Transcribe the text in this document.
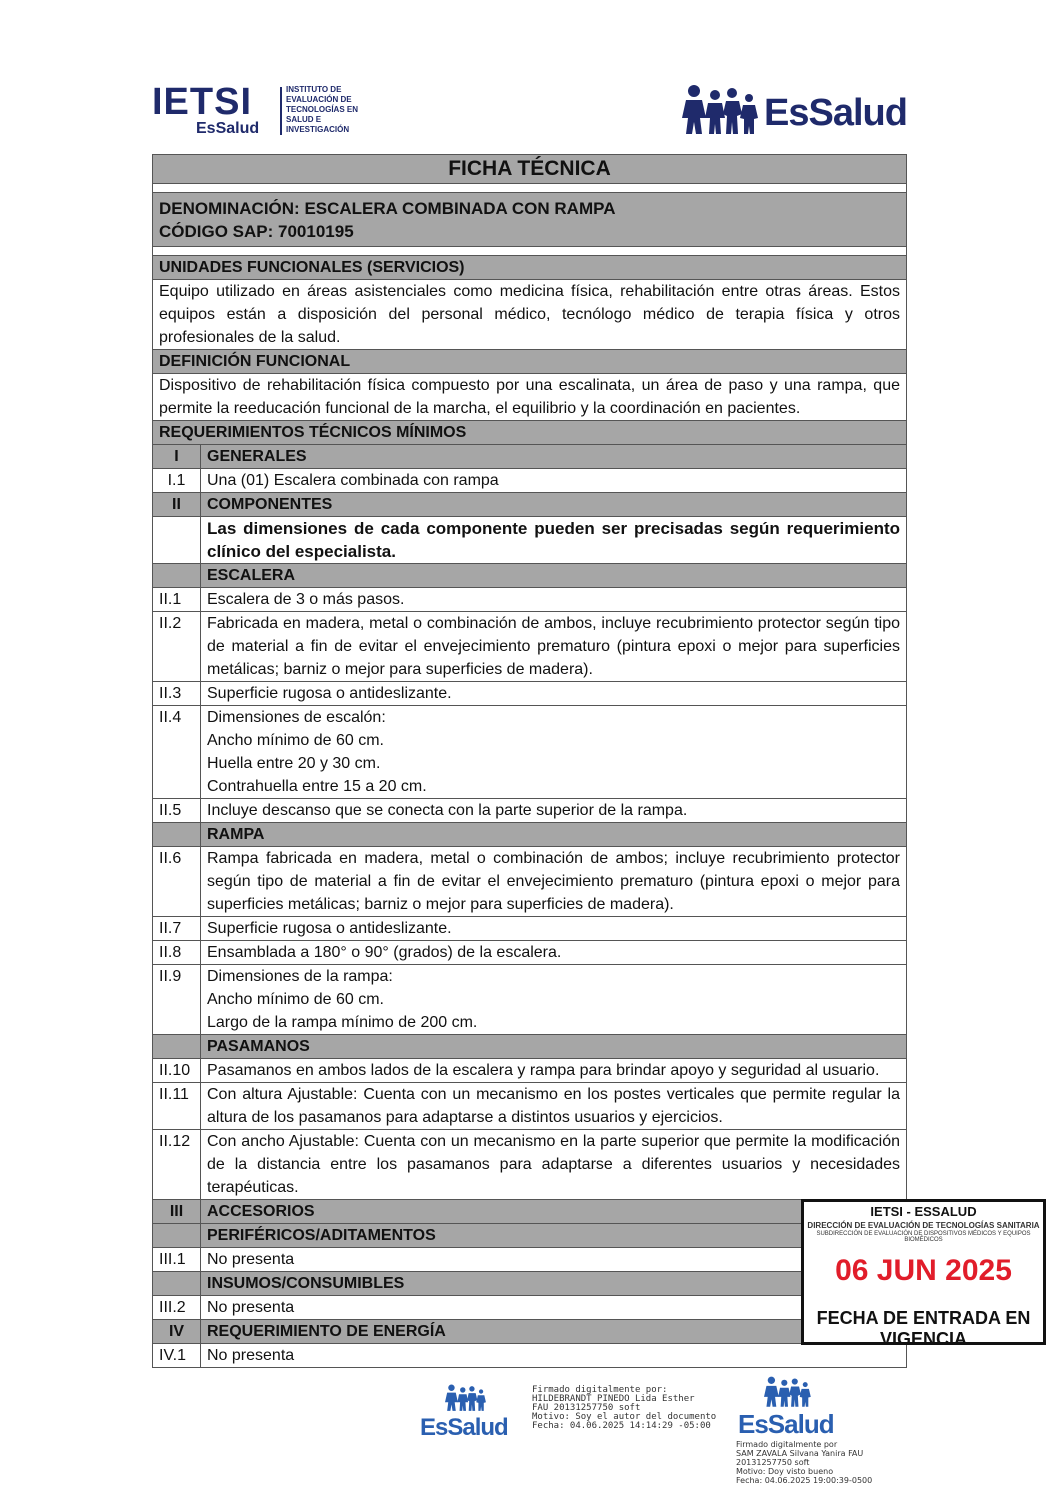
IETSI
EsSalud
INSTITUTO DE
EVALUACIÓN DE
TECNOLOGÍAS EN
SALUD E
INVESTIGACIÓN	EsSalud
FICHA TÉCNICA	

DENOMINACIÓN: ESCALERA COMBINADA CON RAMPA
CÓDIGO SAP: 70010195	

UNIDADES FUNCIONALES (SERVICIOS)	
Equipo utilizado en áreas asistenciales como medicina física, rehabilitación entre otras áreas. Estos equipos están a disposición del personal médico, tecnólogo médico de terapia física y otros profesionales de la salud.	
DEFINICIÓN FUNCIONAL	
Dispositivo de rehabilitación física compuesto por una escalinata, un área de paso y una rampa, que permite la reeducación funcional de la marcha, el equilibrio y la coordinación en pacientes.	
REQUERIMIENTOS TÉCNICOS MÍNIMOS	
I	GENERALES
I.1	Una (01) Escalera combinada con rampa
II	COMPONENTES
	Las dimensiones de cada componente pueden ser precisadas según requerimiento clínico del especialista.
	ESCALERA
II.1	Escalera de 3 o más pasos.
II.2	Fabricada en madera, metal o combinación de ambos, incluye recubrimiento protector según tipo de material a fin de evitar el envejecimiento prematuro (pintura epoxi o mejor para superficies metálicas; barniz o mejor para superficies de madera).
II.3	Superficie rugosa o antideslizante.
II.4	Dimensiones de escalón:
Ancho mínimo de 60 cm.
Huella entre 20 y 30 cm.
Contrahuella entre 15 a 20 cm.

II.5	Incluye descanso que se conecta con la parte superior de la rampa.
	RAMPA
II.6	Rampa fabricada en madera, metal o combinación de ambos; incluye recubrimiento protector según tipo de material a fin de evitar el envejecimiento prematuro (pintura epoxi o mejor para superficies metálicas; barniz o mejor para superficies de madera).
II.7	Superficie rugosa o antideslizante.
II.8	Ensamblada a 180° o 90° (grados) de la escalera.
II.9	Dimensiones de la rampa:
Ancho mínimo de 60 cm.
Largo de la rampa mínimo de 200 cm.

	PASAMANOS
II.10	Pasamanos en ambos lados de la escalera y rampa para brindar apoyo y seguridad al usuario.
II.11	Con altura Ajustable: Cuenta con un mecanismo en los postes verticales que permite regular la altura de los pasamanos para adaptarse a distintos usuarios y ejercicios.
II.12	Con ancho Ajustable: Cuenta con un mecanismo en la parte superior que permite la modificación de la distancia entre los pasamanos para adaptarse a diferentes usuarios y necesidades terapéuticas.
III	ACCESORIOS
	PERIFÉRICOS/ADITAMENTOS
III.1	No presenta
	INSUMOS/CONSUMIBLES
III.2	No presenta
IV	REQUERIMIENTO DE ENERGÍA
IV.1	No presenta
IETSI - ESSALUD
DIRECCIÓN DE EVALUACIÓN DE TECNOLOGÍAS SANITARIA
SUBDIRECCIÓN DE EVALUACIÓN DE DISPOSITIVOS MÉDICOS Y EQUIPOS BIOMÉDICOS
06 JUN 2025
FECHA DE ENTRADA EN VIGENCIA
EsSalud
Firmado digitalmente por:
HILDEBRANDT PINEDO Lida Esther
FAU 20131257750 soft
Motivo: Soy el autor del documento
Fecha: 04.06.2025 14:14:29 -05:00 EsSalud
Firmado digitalmente por
SAM ZAVALA Silvana Yanira FAU
20131257750 soft
Motivo: Doy visto bueno
Fecha: 04.06.2025 19:00:39-0500
